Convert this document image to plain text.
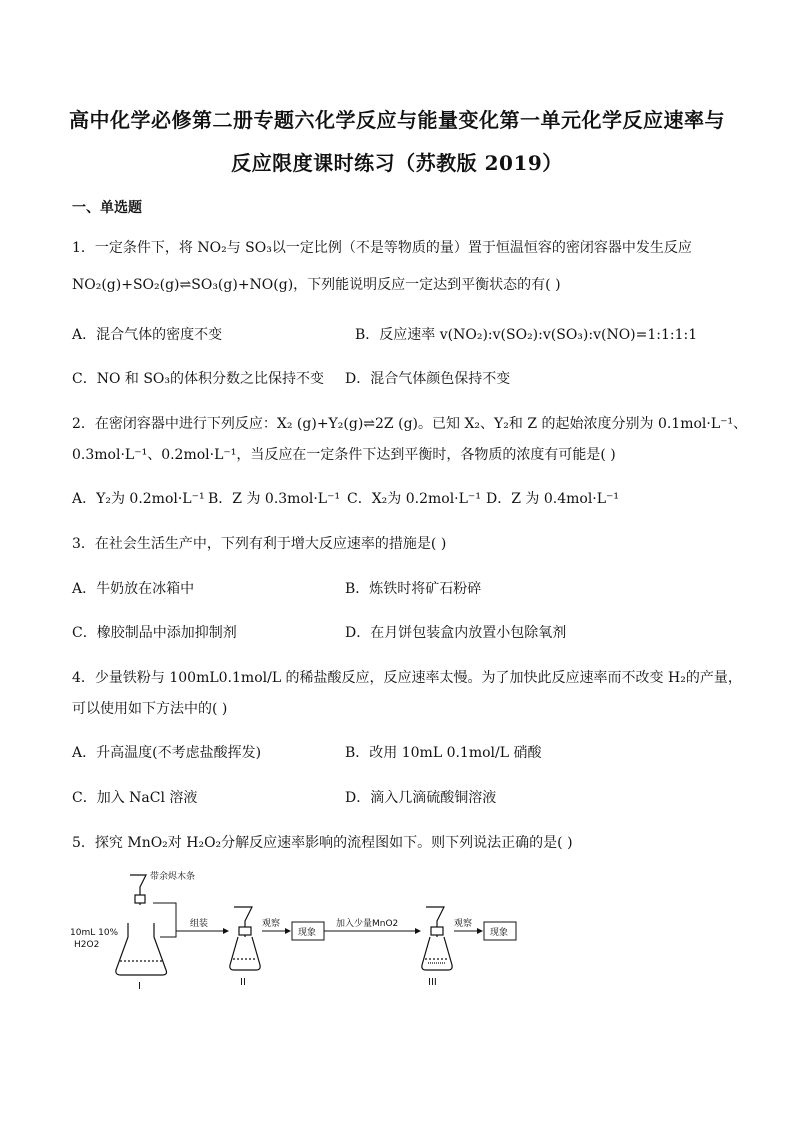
高中化学必修第二册专题六化学反应与能量变化第一单元化学反应速率与
反应限度课时练习（苏教版 2019）
一、单选题
1．一定条件下，将 NO₂与 SO₃以一定比例（不是等物质的量）置于恒温恒容的密闭容器中发生反应
NO₂(g)+SO₂(g)⇌SO₃(g)+NO(g)，下列能说明反应一定达到平衡状态的有( )
A．混合气体的密度不变	B．反应速率 v(NO₂):v(SO₂):v(SO₃):v(NO)=1:1:1:1
C．NO 和 SO₃的体积分数之比保持不变 D．混合气体颜色保持不变
2．在密闭容器中进行下列反应：X₂ (g)+Y₂(g)⇌2Z (g)。已知 X₂、Y₂和 Z 的起始浓度分别为 0.1mol·L⁻¹、
0.3mol·L⁻¹、0.2mol·L⁻¹，当反应在一定条件下达到平衡时，各物质的浓度有可能是( )
A．Y₂为 0.2mol·L⁻¹ B．Z 为 0.3mol·L⁻¹ C．X₂为 0.2mol·L⁻¹ D．Z 为 0.4mol·L⁻¹
3．在社会生活生产中，下列有利于增大反应速率的措施是( )
A．牛奶放在冰箱中	B．炼铁时将矿石粉碎
C．橡胶制品中添加抑制剂	D．在月饼包装盒内放置小包除氧剂
4．少量铁粉与 100mL0.1mol/L 的稀盐酸反应，反应速率太慢。为了加快此反应速率而不改变 H₂的产量，
可以使用如下方法中的( )
A．升高温度(不考虑盐酸挥发)	B．改用 10mL 0.1mol/L 硝酸
C．加入 NaCl 溶液	D．滴入几滴硫酸铜溶液
5．探究 MnO₂对 H₂O₂分解反应速率影响的流程图如下。则下列说法正确的是( )
带余烬木条
10mL 10%
H2O2
I
组装
II
观察
现象
加入少量MnO2
III
观察
现象
